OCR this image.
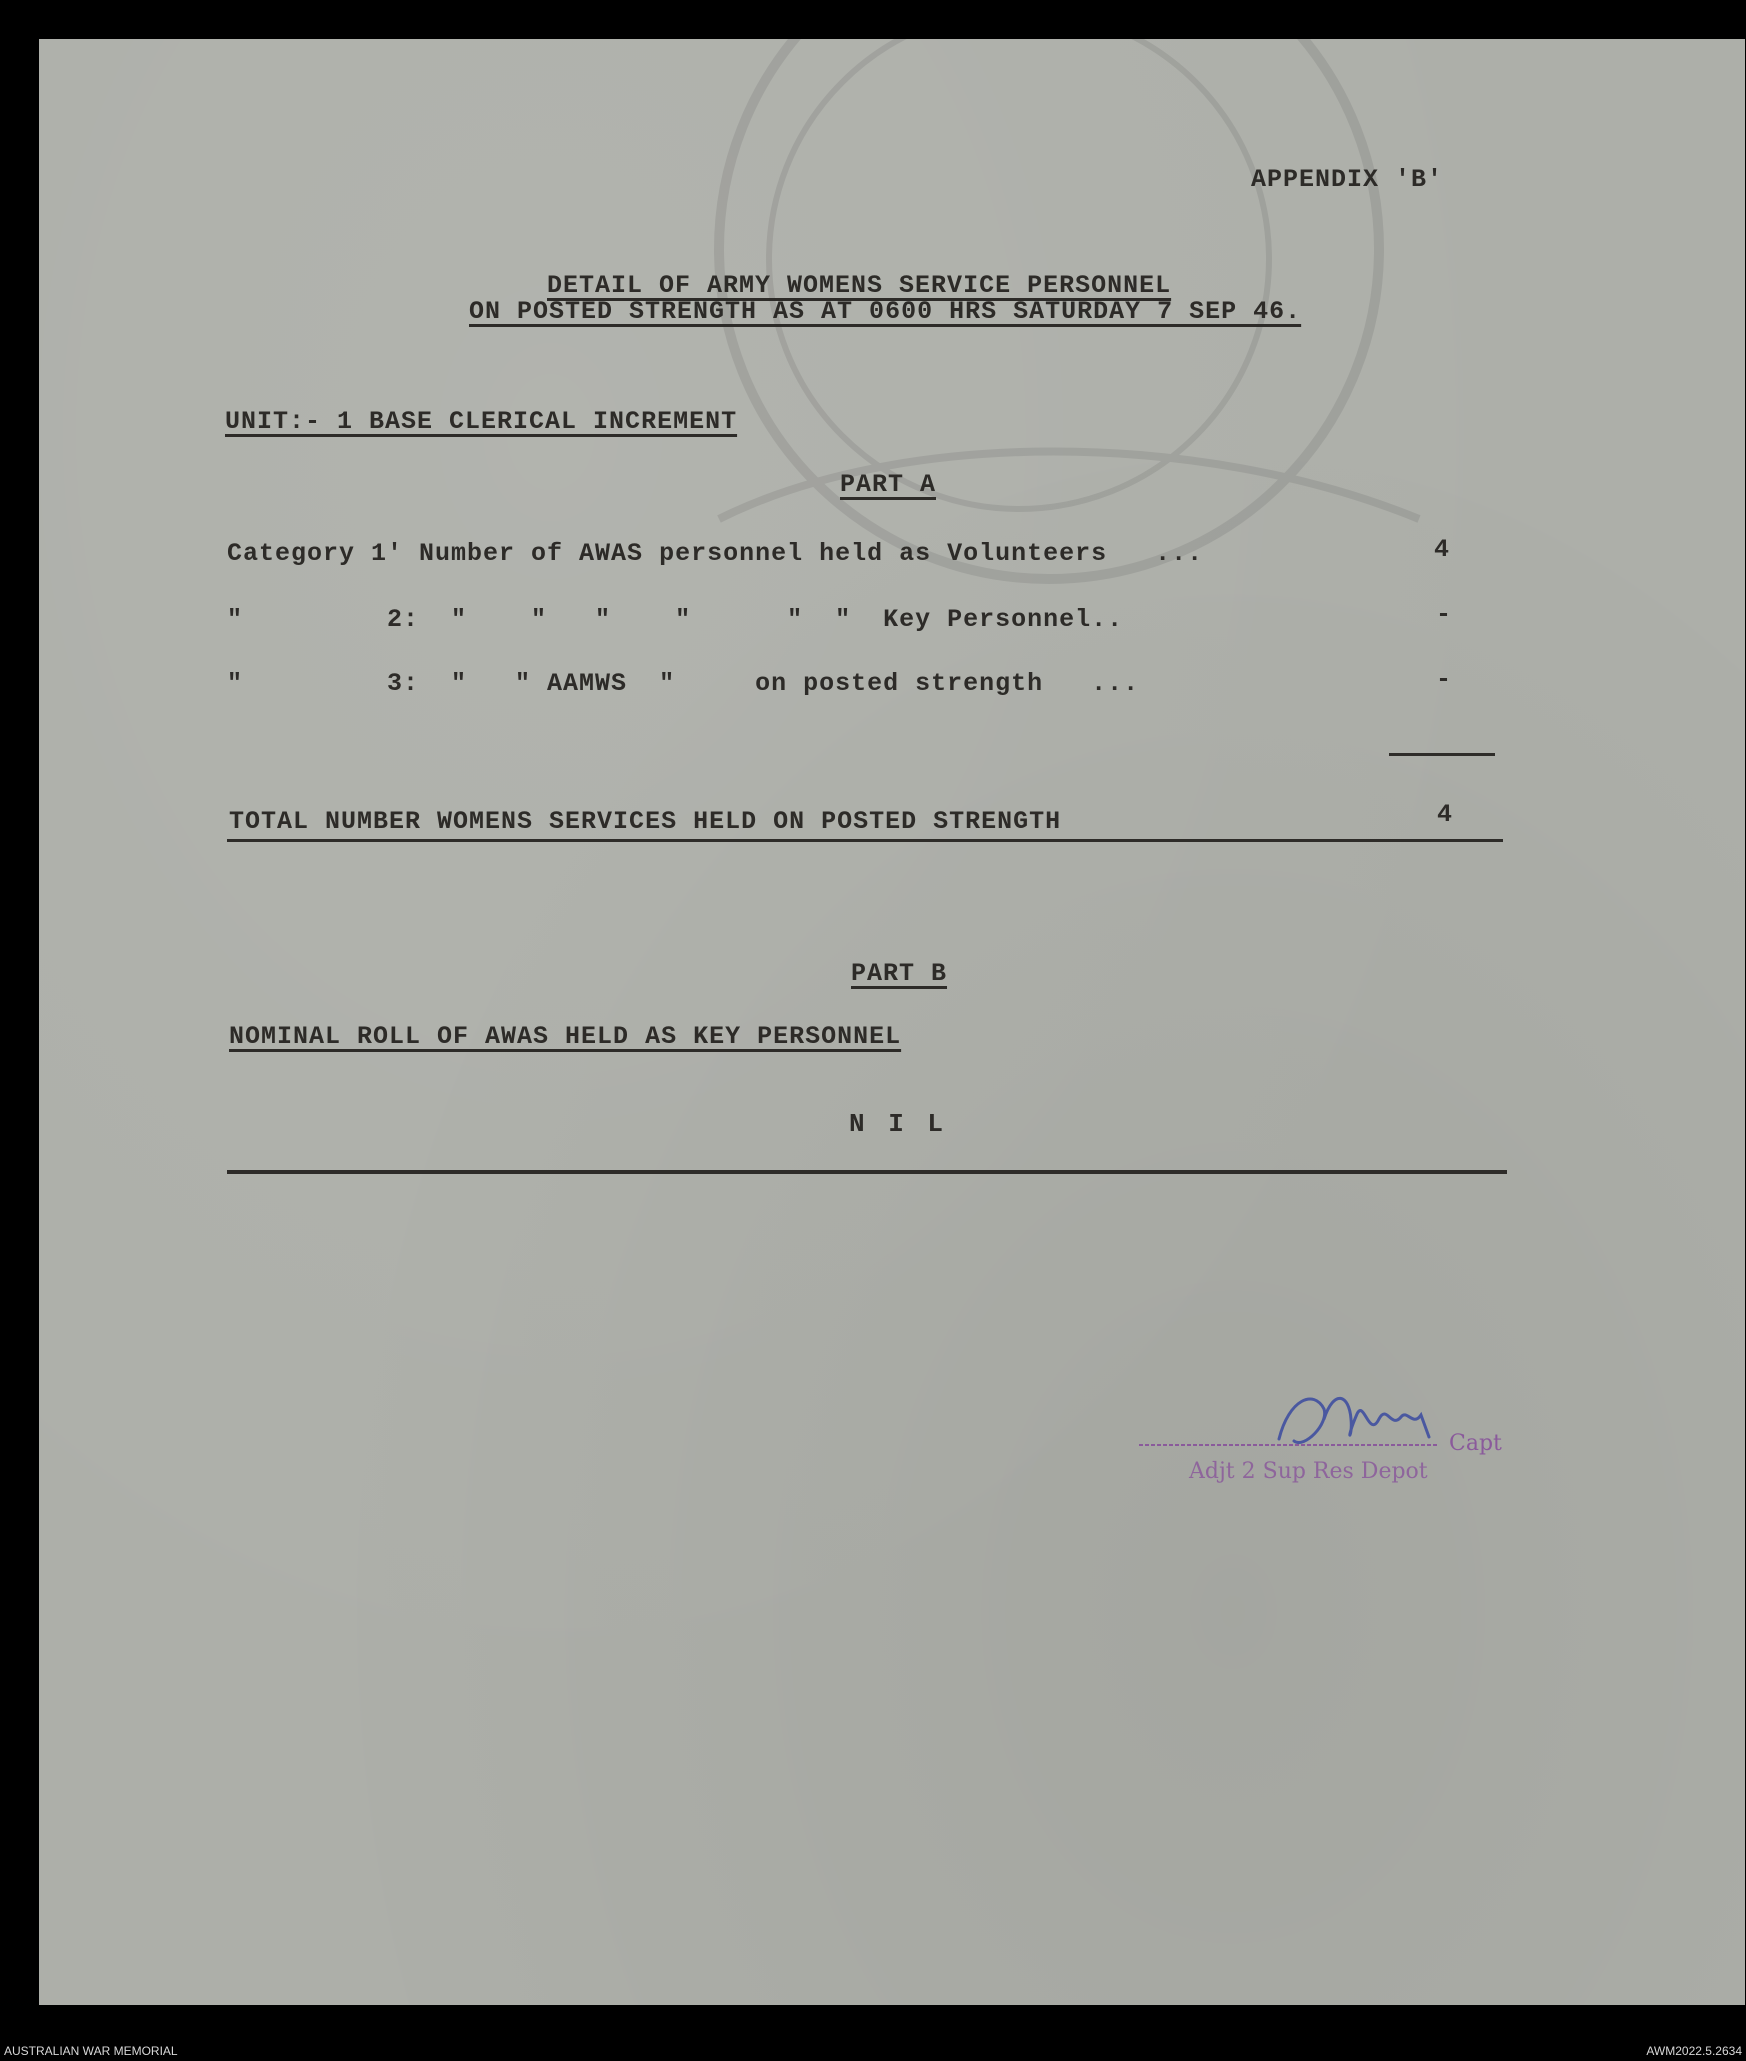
APPENDIX 'B'
DETAIL OF ARMY WOMENS SERVICE PERSONNEL
ON POSTED STRENGTH AS AT 0600 HRS SATURDAY 7 SEP 46.
UNIT:- 1 BASE CLERICAL INCREMENT
PART A
Category 1' Number of AWAS personnel held as Volunteers   ...	4
"         2:  "    "   "    "      "  "  Key Personnel..	-
"         3:  "   " AAMWS  "     on posted strength   ...	-
TOTAL NUMBER WOMENS SERVICES HELD ON POSTED STRENGTH	4
PART B
NOMINAL ROLL OF AWAS HELD AS KEY PERSONNEL
N I L
Capt
Adjt 2 Sup Res Depot
AUSTRALIAN WAR MEMORIAL	AWM2022.5.2634
